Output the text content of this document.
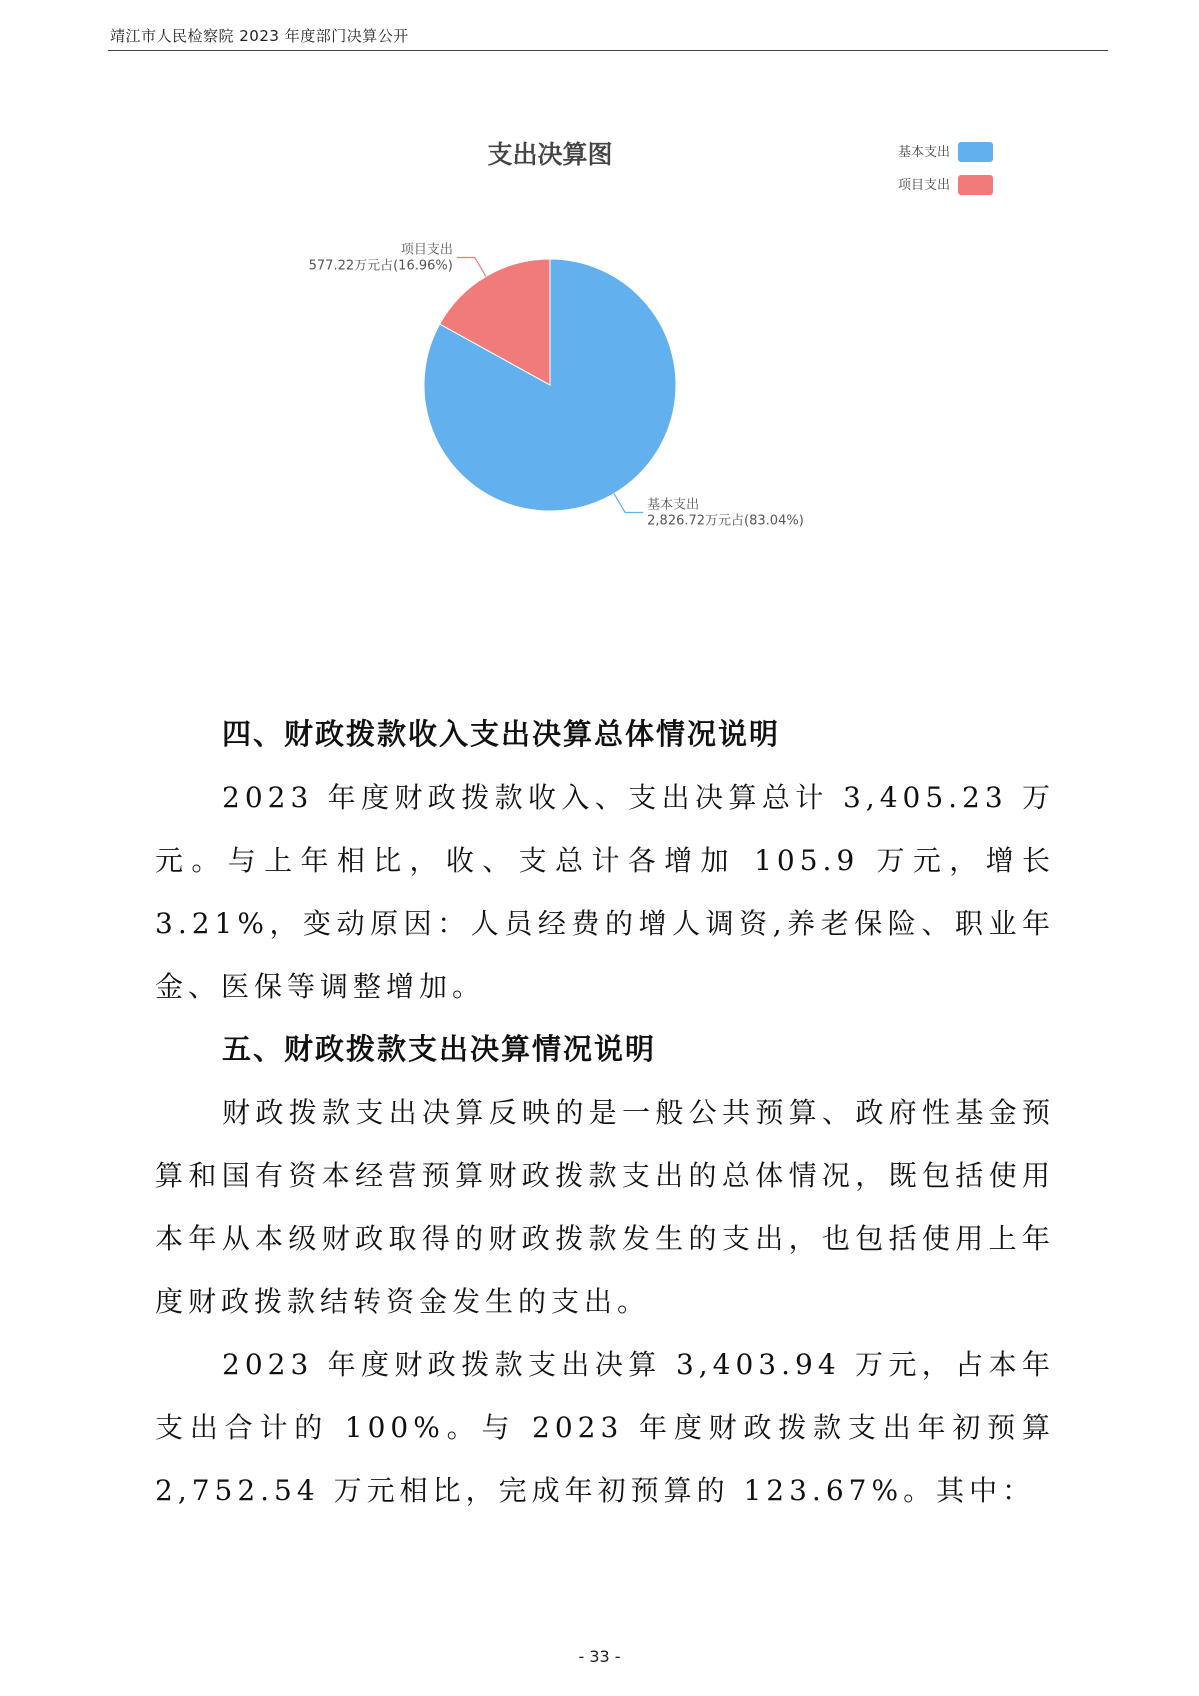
靖江市人民检察院 2023 年度部门决算公开
支出决算图
基本支出
2,826.72万元占(83.04%)
项目支出
577.22万元占(16.96%)
基本支出
项目支出
四、财政拨款收入支出决算总体情况说明

2023 年度财政拨款收入、支出决算总计 3,405.23 万元。与上年相比，收、支总计各增加 105.9 万元，增长 3.21%，变动原因：人员经费的增人调资,养老保险、职业年金、医保等调整增加。

五、财政拨款支出决算情况说明

财政拨款支出决算反映的是一般公共预算、政府性基金预算和国有资本经营预算财政拨款支出的总体情况，既包括使用本年从本级财政取得的财政拨款发生的支出，也包括使用上年度财政拨款结转资金发生的支出。

2023 年度财政拨款支出决算 3,403.94 万元，占本年支出合计的 100%。与 2023 年度财政拨款支出年初预算 2,752.54 万元相比，完成年初预算的 123.67%。其中：

- 33 -
